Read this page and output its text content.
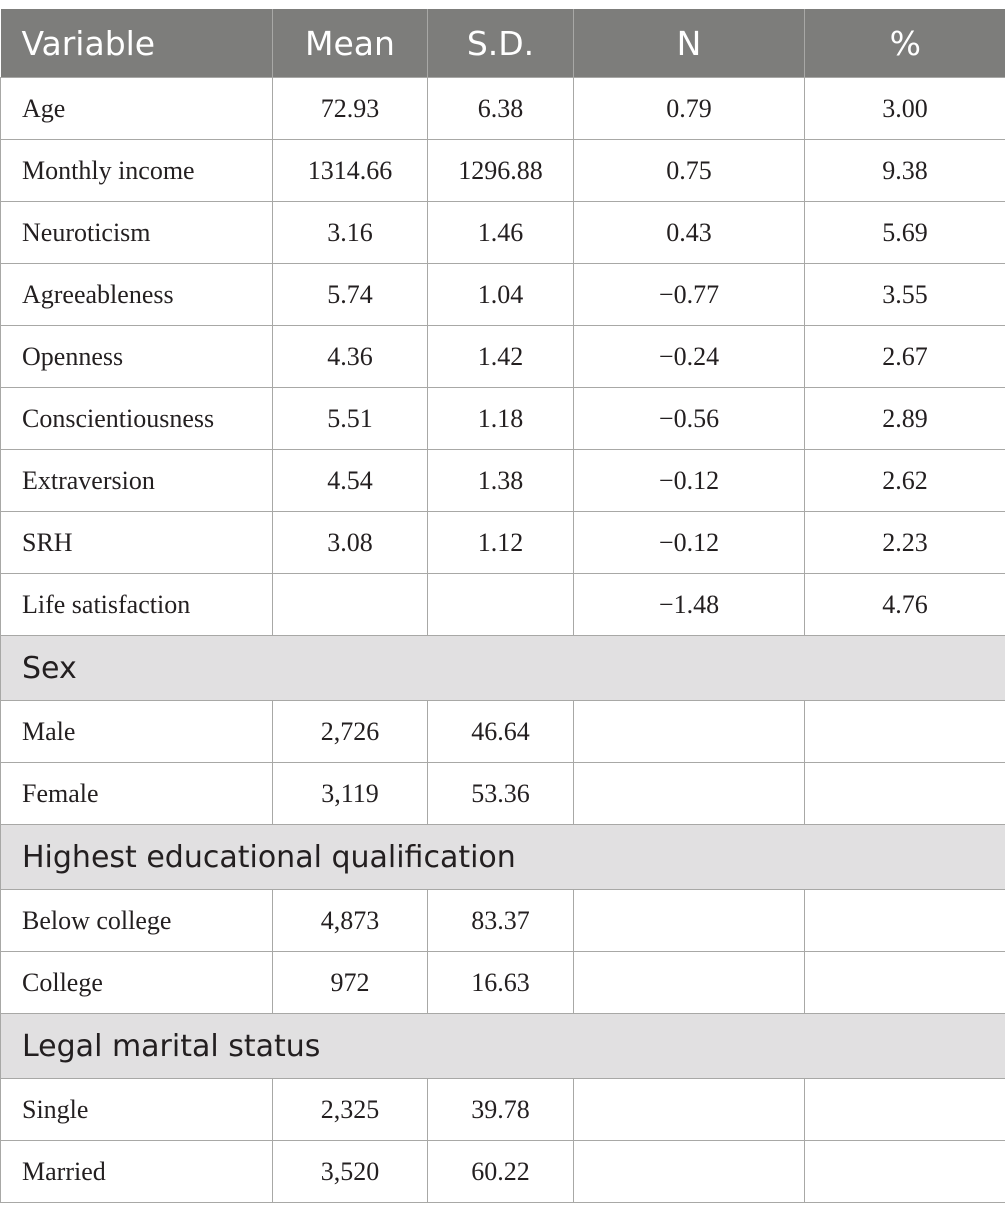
Variable	Mean	S.D.	N	%
Age	72.93	6.38	0.79	3.00
Monthly income	1314.66	1296.88	0.75	9.38
Neuroticism	3.16	1.46	0.43	5.69
Agreeableness	5.74	1.04	−0.77	3.55
Openness	4.36	1.42	−0.24	2.67
Conscientiousness	5.51	1.18	−0.56	2.89
Extraversion	4.54	1.38	−0.12	2.62
SRH	3.08	1.12	−0.12	2.23
Life satisfaction			−1.48	4.76
Sex				
Male	2,726	46.64		
Female	3,119	53.36		
Highest educational qualification				
Below college	4,873	83.37		
College	972	16.63		
Legal marital status				
Single	2,325	39.78		
Married	3,520	60.22		
